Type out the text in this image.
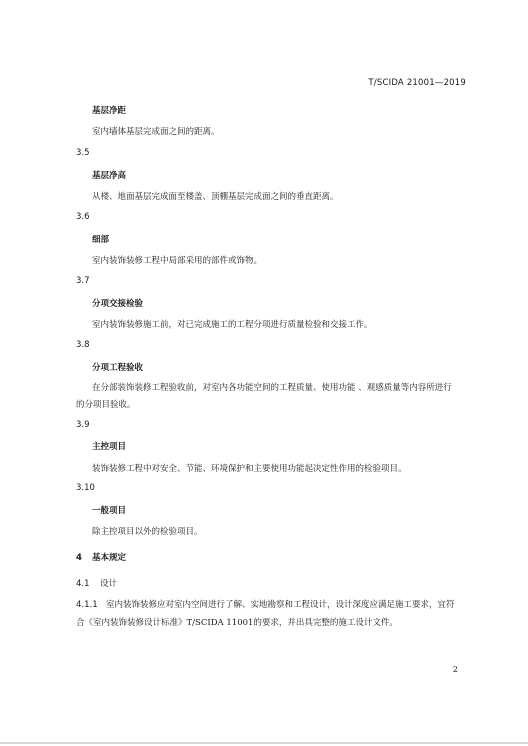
T/SCIDA 21001—2019
基层净距
室内墙体基层完成面之间的距离。
3.5
基层净高
从楼、地面基层完成面至楼盖、顶棚基层完成面之间的垂直距离。
3.6
细部
室内装饰装修工程中局部采用的部件或饰物。
3.7
分项交接检验
室内装饰装修施工前，对已完成施工的工程分项进行质量检验和交接工作。
3.8
分项工程验收
在分部装饰装修工程验收前，对室内各功能空间的工程质量、使用功能 、观感质量等内容所进行
的分项目验收。
3.9
主控项目
装饰装修工程中对安全、节能、环境保护和主要使用功能起决定性作用的检验项目。
3.10
一般项目
除主控项目以外的检验项目。
4 基本规定
4.1 设计
4.1.1 室内装饰装修应对室内空间进行了解、实地勘察和工程设计，设计深度应满足施工要求，宜符
合《室内装饰装修设计标准》T/SCIDA 11001的要求，并出具完整的施工设计文件。
2
